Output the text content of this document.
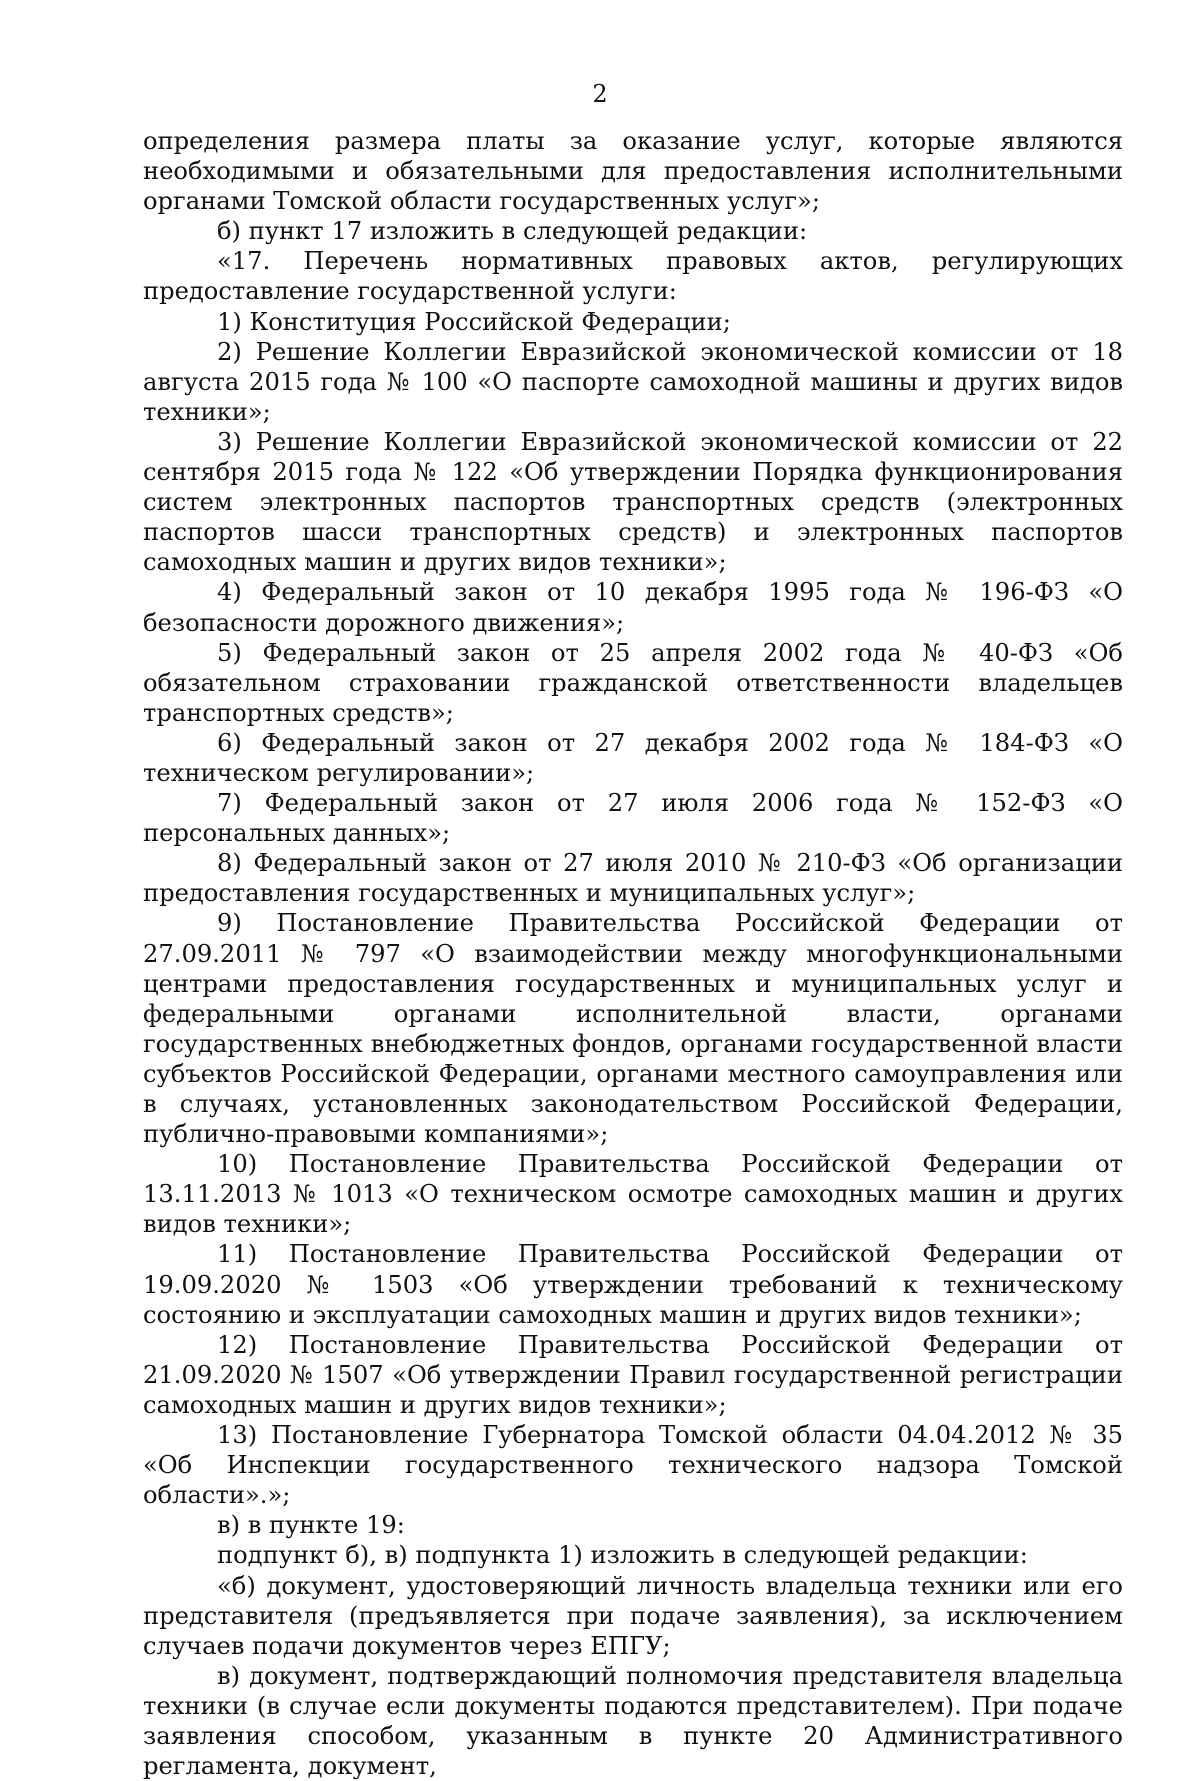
2

определения размера платы за оказание услуг, которые являются необходимыми и обязательными для предоставления исполнительными органами Томской области государственных услуг»;

б) пункт 17 изложить в следующей редакции:

«17. Перечень нормативных правовых актов, регулирующих предоставление государственной услуги:

1) Конституция Российской Федерации;

2) Решение Коллегии Евразийской экономической комиссии от 18 августа 2015 года № 100 «О паспорте самоходной машины и других видов техники»;

3) Решение Коллегии Евразийской экономической комиссии от 22 сентября 2015 года № 122 «Об утверждении Порядка функционирования систем электронных паспортов транспортных средств (электронных паспортов шасси транспортных средств) и электронных паспортов самоходных машин и других видов техники»;

4) Федеральный закон от 10 декабря 1995 года № 196-ФЗ «О безопасности дорожного движения»;

5) Федеральный закон от 25 апреля 2002 года № 40-ФЗ «Об обязательном страховании гражданской ответственности владельцев транспортных средств»;

6) Федеральный закон от 27 декабря 2002 года № 184-ФЗ «О техническом регулировании»;

7) Федеральный закон от 27 июля 2006 года № 152-ФЗ «О персональных данных»;

8) Федеральный закон от 27 июля 2010 № 210-ФЗ «Об организации предоставления государственных и муниципальных услуг»;

9) Постановление Правительства Российской Федерации от 27.09.2011 № 797 «О взаимодействии между многофункциональными центрами предоставления государственных и муниципальных услуг и федеральными органами исполнительной власти, органами государственных внебюджетных фондов, органами государственной власти субъектов Российской Федерации, органами местного самоуправления или в случаях, установленных законодательством Российской Федерации, публично-правовыми компаниями»;

10) Постановление Правительства Российской Федерации от 13.11.2013 № 1013 «О техническом осмотре самоходных машин и других видов техники»;

11) Постановление Правительства Российской Федерации от 19.09.2020 № 1503 «Об утверждении требований к техническому состоянию и эксплуатации самоходных машин и других видов техники»;

12) Постановление Правительства Российской Федерации от 21.09.2020 № 1507 «Об утверждении Правил государственной регистрации самоходных машин и других видов техники»;

13) Постановление Губернатора Томской области 04.04.2012 № 35 «Об Инспекции государственного технического надзора Томской области».»;

в) в пункте 19:

подпункт б), в) подпункта 1) изложить в следующей редакции:

«б) документ, удостоверяющий личность владельца техники или его представителя (предъявляется при подаче заявления), за исключением случаев подачи документов через ЕПГУ;

в) документ, подтверждающий полномочия представителя владельца техники (в случае если документы подаются представителем). При подаче заявления способом, указанным в пункте 20 Административного регламента, документ,
